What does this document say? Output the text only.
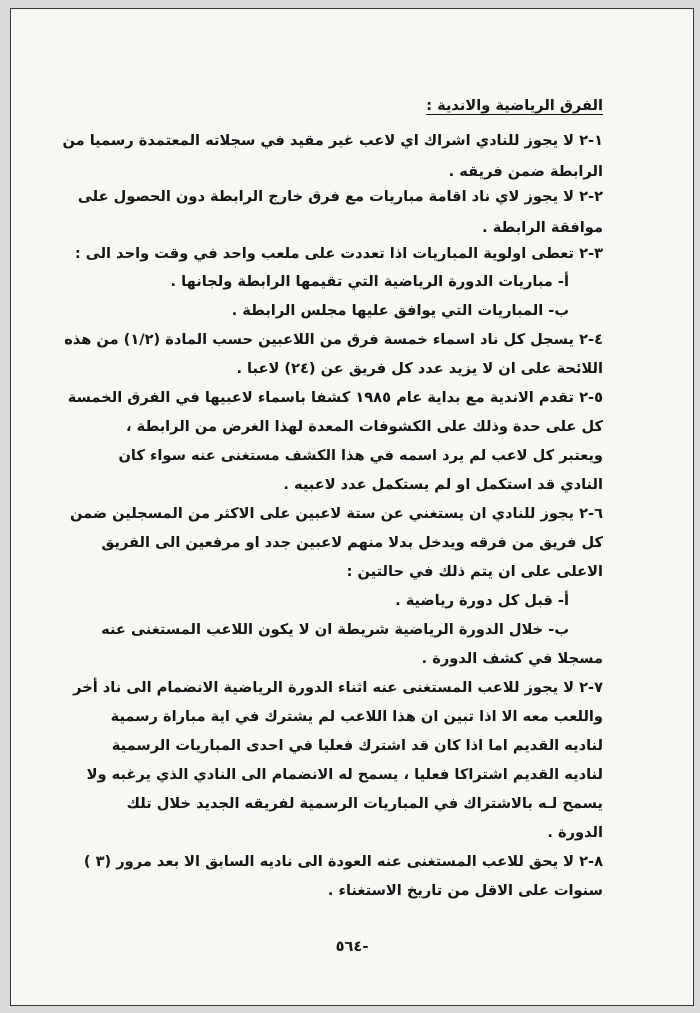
الفرق الرياضية والاندية :
١-٢ لا يجوز للنادي اشراك اي لاعب غير مقيد في سجلاته المعتمدة رسميا من
الرابطة ضمن فريقه .
٢-٢ لا يجوز لاي ناد اقامة مباريات مع فرق خارج الرابطة دون الحصول على
موافقة الرابطة .
٣-٢ تعطى اولوية المباريات اذا تعددت على ملعب واحد في وقت واحد الى :
أ- مباريات الدورة الرياضية التي تقيمها الرابطة ولجانها .
ب- المباريات التي يوافق عليها مجلس الرابطة .
٤-٢ يسجل كل ناد اسماء خمسة فرق من اللاعبين حسب المادة (١/٢) من هذه
اللائحة على ان لا يزيد عدد كل فريق عن (٢٤) لاعبا .
٥-٢ تقدم الاندية مع بداية عام ١٩٨٥ كشفا باسماء لاعبيها في الفرق الخمسة
كل على حدة وذلك على الكشوفات المعدة لهذا الغرض من الرابطة ،
ويعتبر كل لاعب لم يرد اسمه في هذا الكشف مستغنى عنه سواء كان
النادي قد استكمل او لم يستكمل عدد لاعبيه .
٦-٢ يجوز للنادي ان يستغني عن ستة لاعبين على الاكثر من المسجلين ضمن
كل فريق من فرقه ويدخل بدلا منهم لاعبين جدد او مرفعين الى الفريق
الاعلى على ان يتم ذلك في حالتين :
أ- قبل كل دورة رياضية .
ب- خلال الدورة الرياضية شريطة ان لا يكون اللاعب المستغنى عنه
مسجلا في كشف الدورة .
٧-٢ لا يجوز للاعب المستغنى عنه اثناء الدورة الرياضية الانضمام الى ناد أخر
واللعب معه الا اذا تبين ان هذا اللاعب لم يشترك في اية مباراة رسمية
لناديه القديم اما اذا كان قد اشترك فعليا في احدى المباريات الرسمية
لناديه القديم اشتراكا فعليا ، يسمح له الانضمام الى النادي الذي يرغبه ولا
يسمح لـه بالاشتراك في المباريات الرسمية لفريقه الجديد خلال تلك
الدورة .
٨-٢ لا يحق للاعب المستغنى عنه العودة الى ناديه السابق الا بعد مرور (٣ )
سنوات على الاقل من تاريخ الاستغناء .
-٥٦٤
